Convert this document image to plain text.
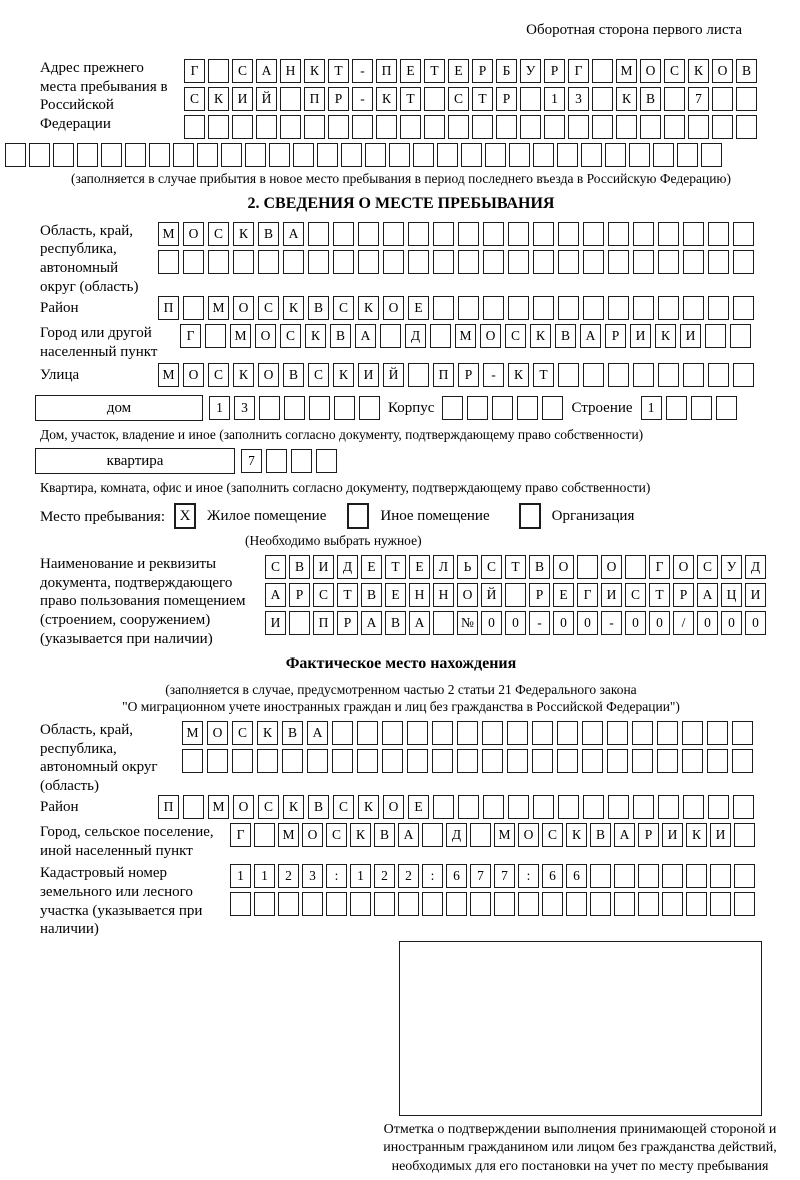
Оборотная сторона первого листа
Адрес прежнего места пребывания в Российской Федерации
Г	С	А	Н	К	Т	-	П	Е	Т	Е	Р	Б	У	Р	Г	М О	С	К	О	В
С	К	И	Й	П	Р	-	К	Т	С	Т	Р	1	3	К	В	7
(заполняется в случае прибытия в новое место пребывания в период последнего въезда в Российскую Федерацию)
2. СВЕДЕНИЯ О МЕСТЕ ПРЕБЫВАНИЯ
Область, край, республика, автономный округ (область)
М	О	С	К	В	А
Район	П	М	О	С	К	В	С	К	О	Е
Город или другой населенный пункт
Г	М	О	С	К	В	А	Д	М	О	С	К	В	А	Р	И	К	И
Улица	М	О	С	К	О	В	С	К	И	Й	П	Р	-	К	Т
дом	1	3	Корпус	Строение	1
Дом, участок, владение и иное (заполнить согласно документу, подтверждающему право собственности)
квартира	7
Квартира, комната, офис и иное (заполнить согласно документу, подтверждающему право собственности)
Место пребывания: X	Жилое помещение	Иное помещение	Организация
(Необходимо выбрать нужное)
Наименование и реквизиты документа, подтверждающего право пользования помещением (строением, сооружением) (указывается при наличии)
С	В	И	Д	Е	Т	Е	Л	Ь	С	Т	В	О	О	Г	О	С	У	Д
А	Р	С	Т	В	Е	Н	Н	О	Й	Р	Е	Г	И	С	Т	Р	А	Ц	И
И	П	Р	А	В	А	№	0	0	-	0	0	-	0	0	/	0	0	0
Фактическое место нахождения
(заполняется в случае, предусмотренном частью 2 статьи 21 Федерального закона
"О миграционном учете иностранных граждан и лиц без гражданства в Российской Федерации")
Область, край, республика, автономный округ (область)
М	О	С	К	В	А
Район	П	М	О	С	К	В	С	К	О	Е
Город, сельское поселение, иной населенный пункт
Г	М О	С	К	В	А	Д	М О	С	К	В	А	Р	И	К	И
Кадастровый номер земельного или лесного участка (указывается при наличии)
1	1	2	3	:	1	2	2	:	6	7	7	:	6	6
Отметка о подтверждении выполнения принимающей стороной и иностранным гражданином или лицом без гражданства действий, необходимых для его постановки на учет по месту пребывания
